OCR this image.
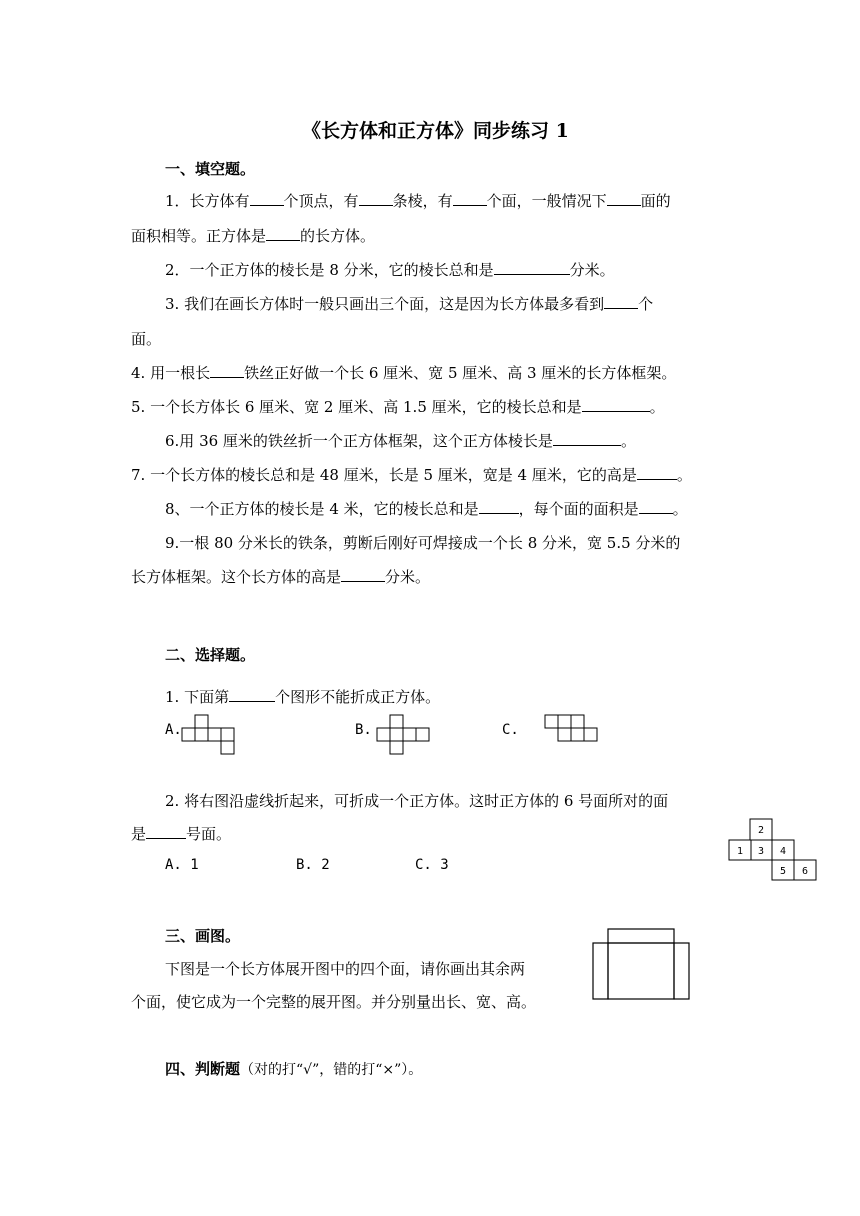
《长方体和正方体》同步练习 1
一、填空题。
1．长方体有 个顶点，有 条棱，有 个面，一般情况下 面的
面积相等。正方体是 的长方体。
2．一个正方体的棱长是 8 分米，它的棱长总和是	分米。
3. 我们在画长方体时一般只画出三个面，这是因为长方体最多看到 个
面。
4. 用一根长 铁丝正好做一个长 6 厘米、宽 5 厘米、高 3 厘米的长方体框架。
5. 一个长方体长 6 厘米、宽 2 厘米、高 1.5 厘米，它的棱长总和是	。
6.用 36 厘米的铁丝折一个正方体框架，这个正方体棱长是	。
7. 一个长方体的棱长总和是 48 厘米，长是 5 厘米，宽是 4 厘米，它的高是	。
8、一个正方体的棱长是 4 米，它的棱长总和是	，每个面的面积是 。
9.一根 80 分米长的铁条，剪断后刚好可焊接成一个长 8 分米，宽 5.5 分米的
长方体框架。这个长方体的高是	分米。
二、选择题。
1. 下面第	个图形不能折成正方体。
A.	B.	C.
2. 将右图沿虚线折起来，可折成一个正方体。这时正方体的 6 号面所对的面
是	号面。
A. 1	B. 2	C. 3
2
1 3 4
5 6
三、画图。
下图是一个长方体展开图中的四个面，请你画出其余两
个面，使它成为一个完整的展开图。并分别量出长、宽、高。
四、判断题（对的打“√”，错的打“×”）。
